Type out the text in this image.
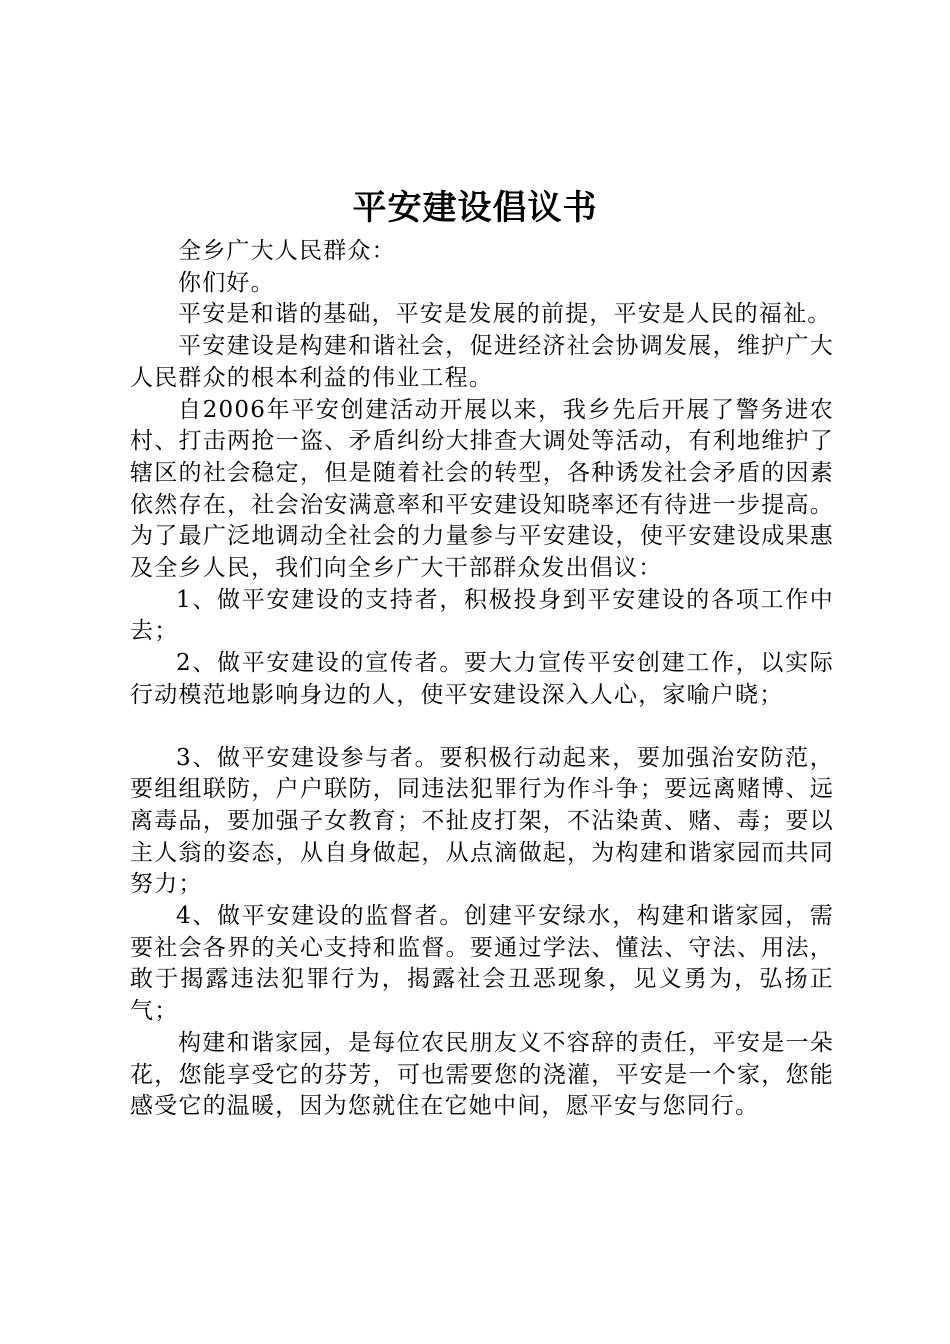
平安建设倡议书

全乡广大人民群众：

你们好。

平安是和谐的基础，平安是发展的前提，平安是人民的福祉。

平安建设是构建和谐社会，促进经济社会协调发展，维护广大人民群众的根本利益的伟业工程。

自2006年平安创建活动开展以来，我乡先后开展了警务进农村、打击两抢一盗、矛盾纠纷大排查大调处等活动，有利地维护了辖区的社会稳定，但是随着社会的转型，各种诱发社会矛盾的因素依然存在，社会治安满意率和平安建设知晓率还有待进一步提高。为了最广泛地调动全社会的力量参与平安建设，使平安建设成果惠及全乡人民，我们向全乡广大干部群众发出倡议：

1、做平安建设的支持者，积极投身到平安建设的各项工作中去；

2、做平安建设的宣传者。要大力宣传平安创建工作，以实际行动模范地影响身边的人，使平安建设深入人心，家喻户晓；

3、做平安建设参与者。要积极行动起来，要加强治安防范，要组组联防，户户联防，同违法犯罪行为作斗争；要远离赌博、远离毒品，要加强子女教育；不扯皮打架，不沾染黄、赌、毒；要以主人翁的姿态，从自身做起，从点滴做起，为构建和谐家园而共同努力；

4、做平安建设的监督者。创建平安绿水，构建和谐家园，需要社会各界的关心支持和监督。要通过学法、懂法、守法、用法，敢于揭露违法犯罪行为，揭露社会丑恶现象，见义勇为，弘扬正气；

构建和谐家园，是每位农民朋友义不容辞的责任，平安是一朵花，您能享受它的芬芳，可也需要您的浇灌，平安是一个家，您能感受它的温暖，因为您就住在它她中间，愿平安与您同行。
